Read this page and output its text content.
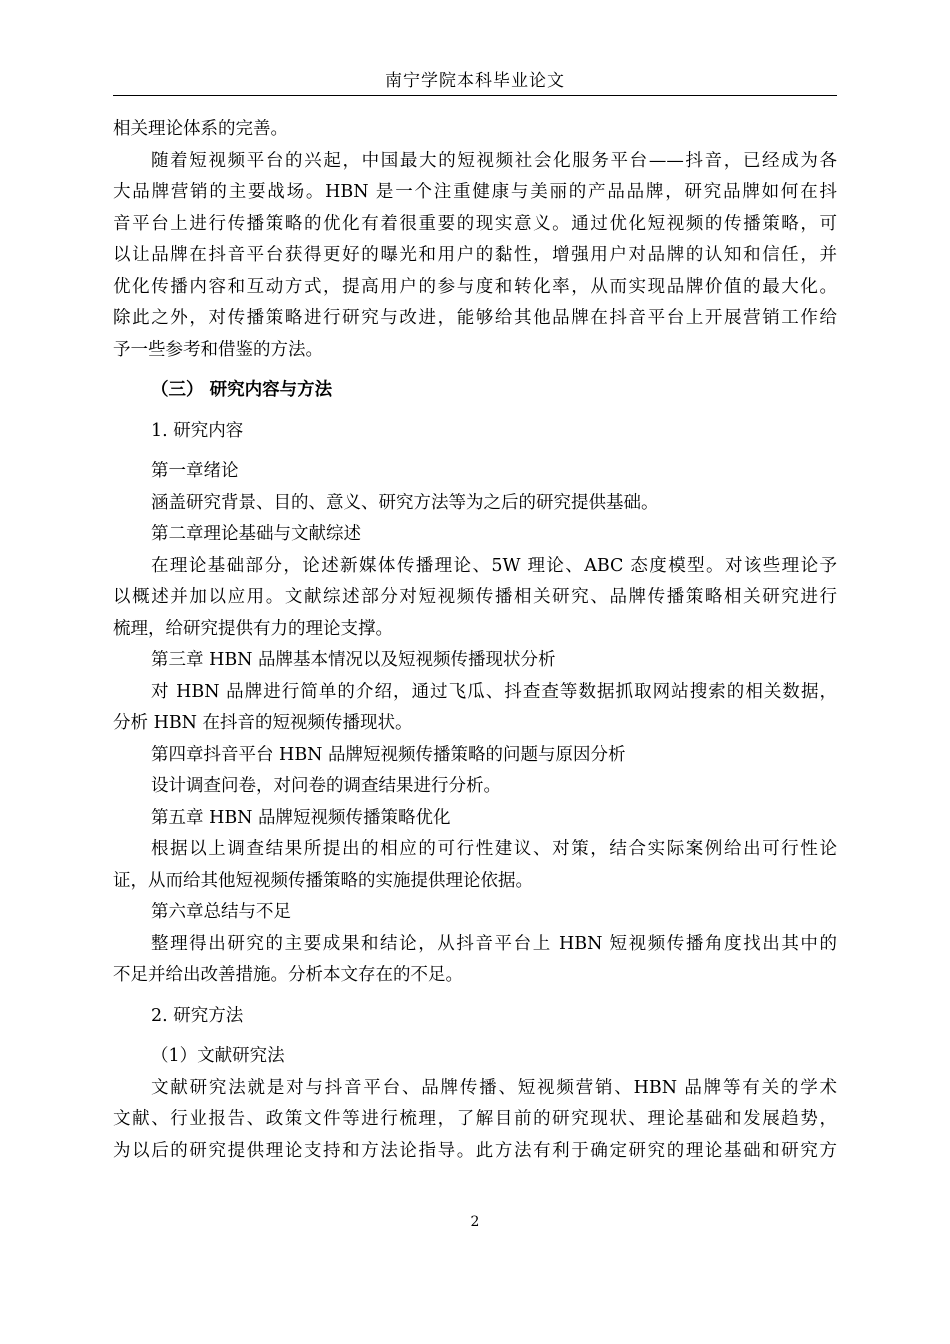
南宁学院本科毕业论文
相关理论体系的完善。
随着短视频平台的兴起，中国最大的短视频社会化服务平台——抖音，已经成为各
大品牌营销的主要战场。HBN 是一个注重健康与美丽的产品品牌，研究品牌如何在抖
音平台上进行传播策略的优化有着很重要的现实意义。通过优化短视频的传播策略，可
以让品牌在抖音平台获得更好的曝光和用户的黏性，增强用户对品牌的认知和信任，并
优化传播内容和互动方式，提高用户的参与度和转化率，从而实现品牌价值的最大化。
除此之外，对传播策略进行研究与改进，能够给其他品牌在抖音平台上开展营销工作给
予一些参考和借鉴的方法。
（三） 研究内容与方法
1. 研究内容
第一章绪论
涵盖研究背景、目的、意义、研究方法等为之后的研究提供基础。
第二章理论基础与文献综述
在理论基础部分，论述新媒体传播理论、5W 理论、ABC 态度模型。对该些理论予
以概述并加以应用。文献综述部分对短视频传播相关研究、品牌传播策略相关研究进行
梳理，给研究提供有力的理论支撑。
第三章 HBN 品牌基本情况以及短视频传播现状分析
对 HBN 品牌进行简单的介绍，通过飞瓜、抖查查等数据抓取网站搜索的相关数据，
分析 HBN 在抖音的短视频传播现状。
第四章抖音平台 HBN 品牌短视频传播策略的问题与原因分析
设计调查问卷，对问卷的调查结果进行分析。
第五章 HBN 品牌短视频传播策略优化
根据以上调查结果所提出的相应的可行性建议、对策，结合实际案例给出可行性论
证，从而给其他短视频传播策略的实施提供理论依据。
第六章总结与不足
整理得出研究的主要成果和结论，从抖音平台上 HBN 短视频传播角度找出其中的
不足并给出改善措施。分析本文存在的不足。
2. 研究方法
（1）文献研究法
文献研究法就是对与抖音平台、品牌传播、短视频营销、HBN 品牌等有关的学术
文献、行业报告、政策文件等进行梳理，了解目前的研究现状、理论基础和发展趋势，
为以后的研究提供理论支持和方法论指导。此方法有利于确定研究的理论基础和研究方
2
